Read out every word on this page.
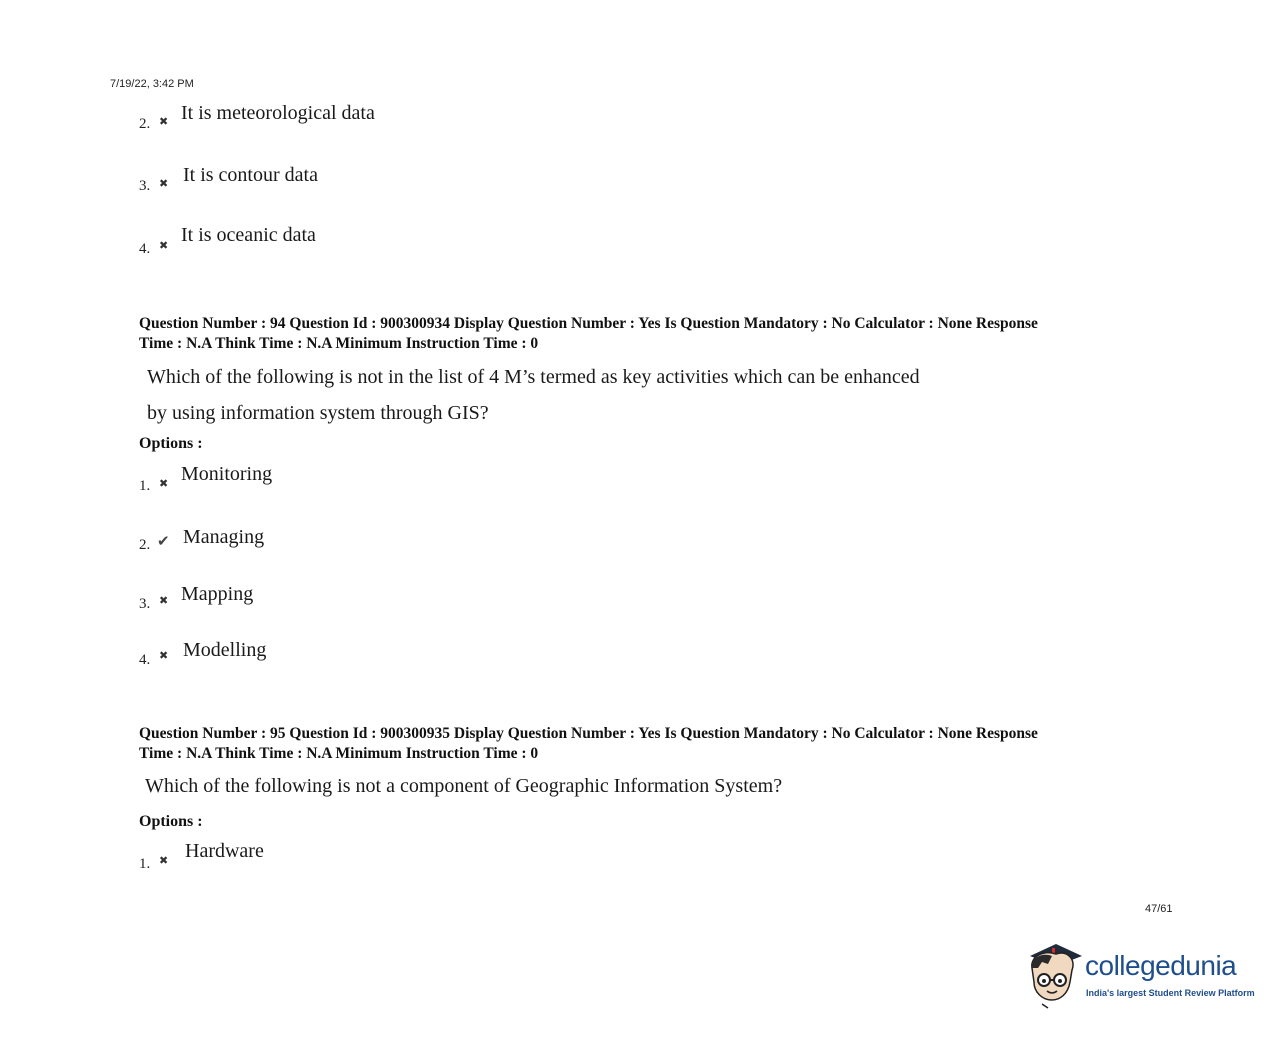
7/19/22, 3:42 PM
2. ✖ It is meteorological data
3. ✖ It is contour data
4. ✖ It is oceanic data
Question Number : 94 Question Id : 900300934 Display Question Number : Yes Is Question Mandatory : No Calculator : None Response
Time : N.A Think Time : N.A Minimum Instruction Time : 0
Which of the following is not in the list of 4 M’s termed as key activities which can be enhanced
by using information system through GIS?
Options :
1. ✖ Monitoring
2. ✔ Managing
3. ✖ Mapping
4. ✖ Modelling
Question Number : 95 Question Id : 900300935 Display Question Number : Yes Is Question Mandatory : No Calculator : None Response
Time : N.A Think Time : N.A Minimum Instruction Time : 0
Which of the following is not a component of Geographic Information System?
Options :
1. ✖ Hardware
47/61
collegedunia
India's largest Student Review Platform
